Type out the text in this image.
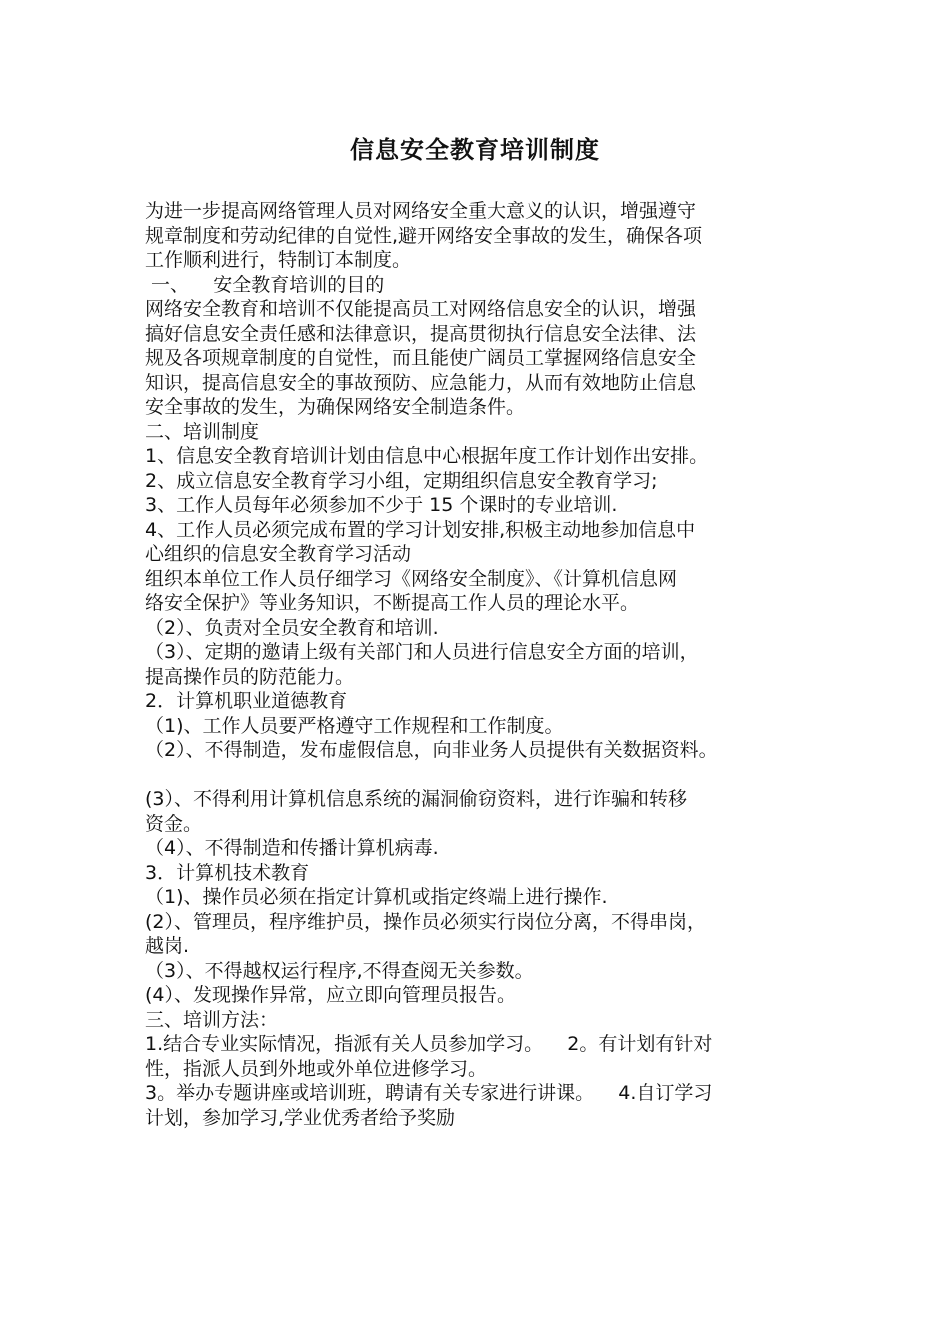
信息安全教育培训制度
为进一步提高网络管理人员对网络安全重大意义的认识，增强遵守
规章制度和劳动纪律的自觉性,避开网络安全事故的发生，确保各项
工作顺利进行，特制订本制度。
一、    安全教育培训的目的
网络安全教育和培训不仅能提高员工对网络信息安全的认识，增强
搞好信息安全责任感和法律意识，提高贯彻执行信息安全法律、法
规及各项规章制度的自觉性，而且能使广阔员工掌握网络信息安全
知识，提高信息安全的事故预防、应急能力，从而有效地防止信息
安全事故的发生，为确保网络安全制造条件。
二、培训制度
1、信息安全教育培训计划由信息中心根据年度工作计划作出安排。
2、成立信息安全教育学习小组，定期组织信息安全教育学习;
3、工作人员每年必须参加不少于 15 个课时的专业培训.
4、工作人员必须完成布置的学习计划安排,积极主动地参加信息中
心组织的信息安全教育学习活动
组织本单位工作人员仔细学习《网络安全制度》、《计算机信息网
络安全保护》等业务知识，不断提高工作人员的理论水平。
（2）、负责对全员安全教育和培训.
（3）、定期的邀请上级有关部门和人员进行信息安全方面的培训，
提高操作员的防范能力。
2．计算机职业道德教育
（1)、工作人员要严格遵守工作规程和工作制度。
（2）、不得制造，发布虚假信息，向非业务人员提供有关数据资料。
(3）、不得利用计算机信息系统的漏洞偷窃资料，进行诈骗和转移
资金。
（4）、不得制造和传播计算机病毒.
3．计算机技术教育
（1)、操作员必须在指定计算机或指定终端上进行操作.
(2）、管理员，程序维护员，操作员必须实行岗位分离，不得串岗，
越岗.
（3）、不得越权运行程序,不得查阅无关参数。
(4）、发现操作异常，应立即向管理员报告。
三、培训方法：
1.结合专业实际情况，指派有关人员参加学习。    2。有计划有针对
性，指派人员到外地或外单位进修学习。
3。举办专题讲座或培训班，聘请有关专家进行讲课。    4.自订学习
计划，参加学习,学业优秀者给予奖励
